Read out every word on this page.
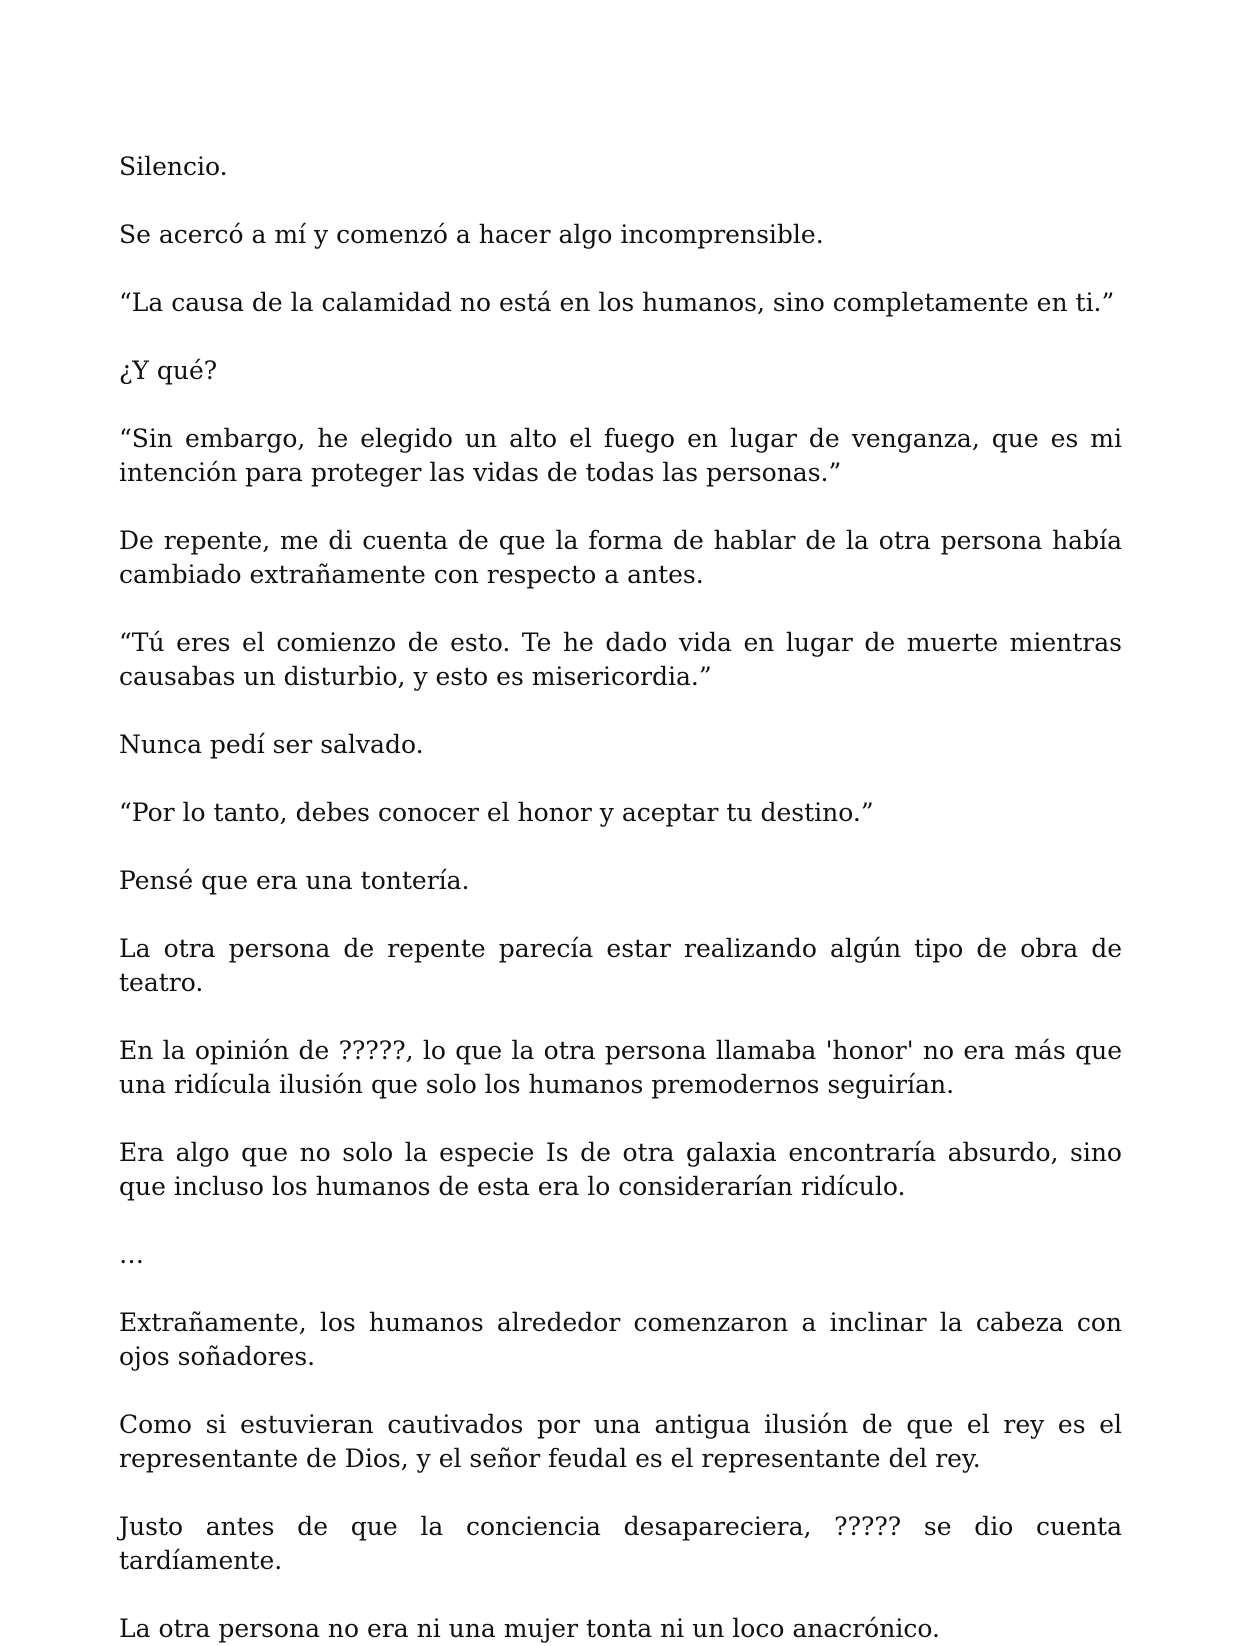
Silencio.

Se acercó a mí y comenzó a hacer algo incomprensible.

“La causa de la calamidad no está en los humanos, sino completamente en ti.”

¿Y qué?

“Sin embargo, he elegido un alto el fuego en lugar de venganza, que es mi intención para proteger las vidas de todas las personas.”

De repente, me di cuenta de que la forma de hablar de la otra persona había cambiado extrañamente con respecto a antes.

“Tú eres el comienzo de esto. Te he dado vida en lugar de muerte mientras causabas un disturbio, y esto es misericordia.”

Nunca pedí ser salvado.

“Por lo tanto, debes conocer el honor y aceptar tu destino.”

Pensé que era una tontería.

La otra persona de repente parecía estar realizando algún tipo de obra de teatro.

En la opinión de ?????, lo que la otra persona llamaba 'honor' no era más que una ridícula ilusión que solo los humanos premodernos seguirían.

Era algo que no solo la especie Is de otra galaxia encontraría absurdo, sino que incluso los humanos de esta era lo considerarían ridículo.

…

Extrañamente, los humanos alrededor comenzaron a inclinar la cabeza con ojos soñadores.

Como si estuvieran cautivados por una antigua ilusión de que el rey es el representante de Dios, y el señor feudal es el representante del rey.

Justo antes de que la conciencia desapareciera, ????? se dio cuenta tardíamente.

La otra persona no era ni una mujer tonta ni un loco anacrónico.
